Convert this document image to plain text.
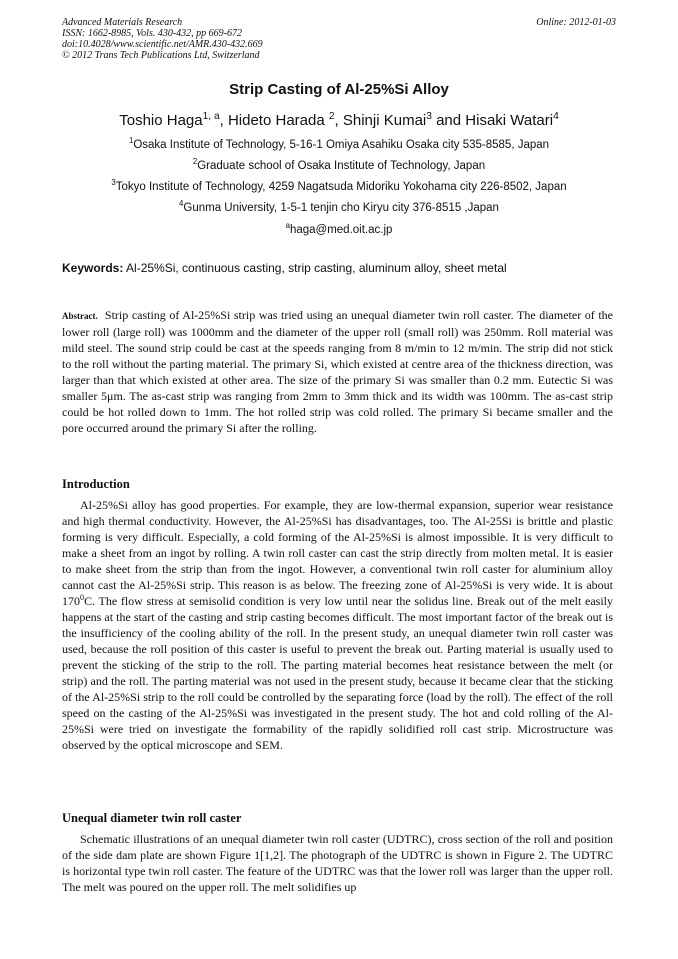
Advanced Materials Research
ISSN: 1662-8985, Vols. 430-432, pp 669-672
doi:10.4028/www.scientific.net/AMR.430-432.669
© 2012 Trans Tech Publications Ltd, Switzerland
Online: 2012-01-03
Strip Casting of Al-25%Si Alloy
Toshio Haga$^{1, a}$, Hideto Harada $^2$, Shinji Kumai$^3$ and Hisaki Watari$^4$
$^1$Osaka Institute of Technology, 5-16-1 Omiya Asahiku Osaka city 535-8585, Japan
$^2$Graduate school of Osaka Institute of Technology, Japan
$^3$Tokyo Institute of Technology, 4259 Nagatsuda Midoriku Yokohama city 226-8502, Japan
$^4$Gunma University, 1-5-1 tenjin cho Kiryu city 376-8515 ,Japan
$^a$haga@med.oit.ac.jp
Keywords: Al-25%Si, continuous casting, strip casting, aluminum alloy, sheet metal
Abstract. Strip casting of Al-25%Si strip was tried using an unequal diameter twin roll caster. The diameter of the lower roll (large roll) was 1000mm and the diameter of the upper roll (small roll) was 250mm. Roll material was mild steel. The sound strip could be cast at the speeds ranging from 8 m/min to 12 m/min. The strip did not stick to the roll without the parting material. The primary Si, which existed at centre area of the thickness direction, was larger than that which existed at other area. The size of the primary Si was smaller than 0.2 mm. Eutectic Si was smaller 5μm. The as-cast strip was ranging from 2mm to 3mm thick and its width was 100mm. The as-cast strip could be hot rolled down to 1mm. The hot rolled strip was cold rolled. The primary Si became smaller and the pore occurred around the primary Si after the rolling.
Introduction
Al-25%Si alloy has good properties. For example, they are low-thermal expansion, superior wear resistance and high thermal conductivity. However, the Al-25%Si has disadvantages, too. The Al-25Si is brittle and plastic forming is very difficult. Especially, a cold forming of the Al-25%Si is almost impossible. It is very difficult to make a sheet from an ingot by rolling. A twin roll caster can cast the strip directly from molten metal. It is easier to make sheet from the strip than from the ingot. However, a conventional twin roll caster for aluminium alloy cannot cast the Al-25%Si strip. This reason is as below. The freezing zone of Al-25%Si is very wide. It is about $170^0C$. The flow stress at semisolid condition is very low until near the solidus line. Break out of the melt easily happens at the start of the casting and strip casting becomes difficult. The most important factor of the break out is the insufficiency of the cooling ability of the roll. In the present study, an unequal diameter twin roll caster was used, because the roll position of this caster is useful to prevent the break out. Parting material is usually used to prevent the sticking of the strip to the roll. The parting material becomes heat resistance between the melt (or strip) and the roll. The parting material was not used in the present study, because it became clear that the sticking of the Al-25%Si strip to the roll could be controlled by the separating force (load by the roll). The effect of the roll speed on the casting of the Al-25%Si was investigated in the present study. The hot and cold rolling of the Al-25%Si were tried on investigate the formability of the rapidly solidified roll cast strip. Microstructure was observed by the optical microscope and SEM.
Unequal diameter twin roll caster
Schematic illustrations of an unequal diameter twin roll caster (UDTRC), cross section of the roll and position of the side dam plate are shown Figure 1[1,2]. The photograph of the UDTRC is shown in Figure 2. The UDTRC is horizontal type twin roll caster. The feature of the UDTRC was that the lower roll was larger than the upper roll. The melt was poured on the upper roll. The melt solidifies up
